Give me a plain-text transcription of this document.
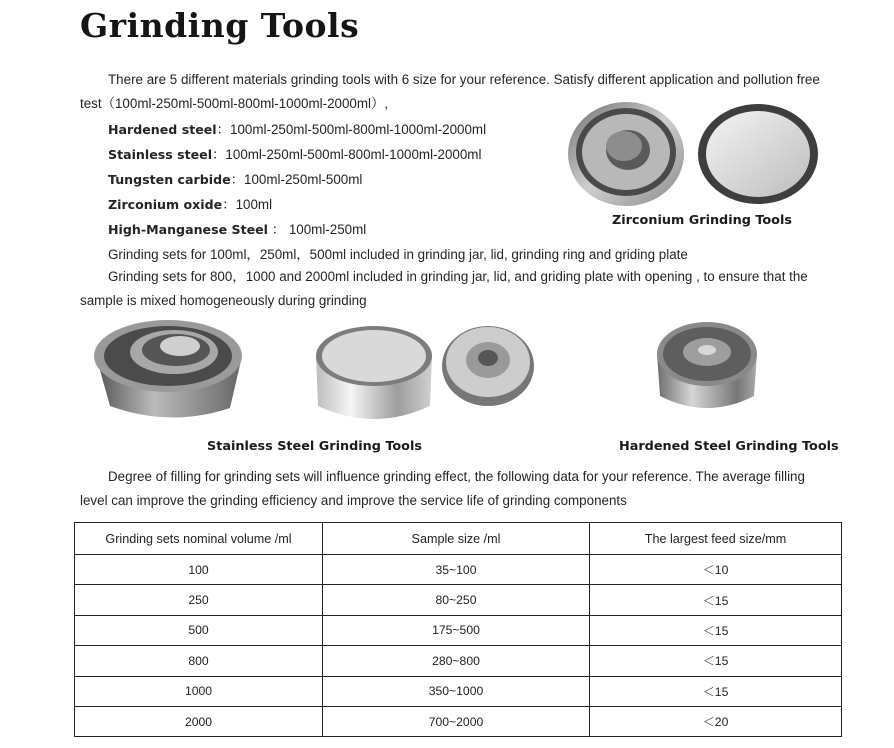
Grinding Tools
There are 5 different materials grinding tools with 6 size for your reference. Satisfy different application and pollution free test（100ml-250ml-500ml-800ml-1000ml-2000ml）,
Hardened steel：100ml-250ml-500ml-800ml-1000ml-2000ml
Stainless steel：100ml-250ml-500ml-800ml-1000ml-2000ml
Tungsten carbide：100ml-250ml-500ml
Zirconium oxide：100ml
High-Manganese Steel ： 100ml-250ml
Grinding sets for 100ml，250ml，500ml included in grinding jar, lid, grinding ring and griding plate
Grinding sets for 800，1000 and 2000ml included in grinding jar, lid, and griding plate with opening , to ensure that the sample is mixed homogeneously during grinding
Zirconium Grinding Tools
Stainless Steel Grinding Tools	Hardened Steel Grinding Tools
Degree of filling for grinding sets will influence grinding effect, the following data for your reference. The average filling level can improve the grinding efficiency and improve the service life of grinding components
Grinding sets nominal volume /ml	Sample size /ml	The largest feed size/mm
100	35~100	＜10
250	80~250	＜15
500	175~500	＜15
800	280~800	＜15
1000	350~1000	＜15
2000	700~2000	＜20
